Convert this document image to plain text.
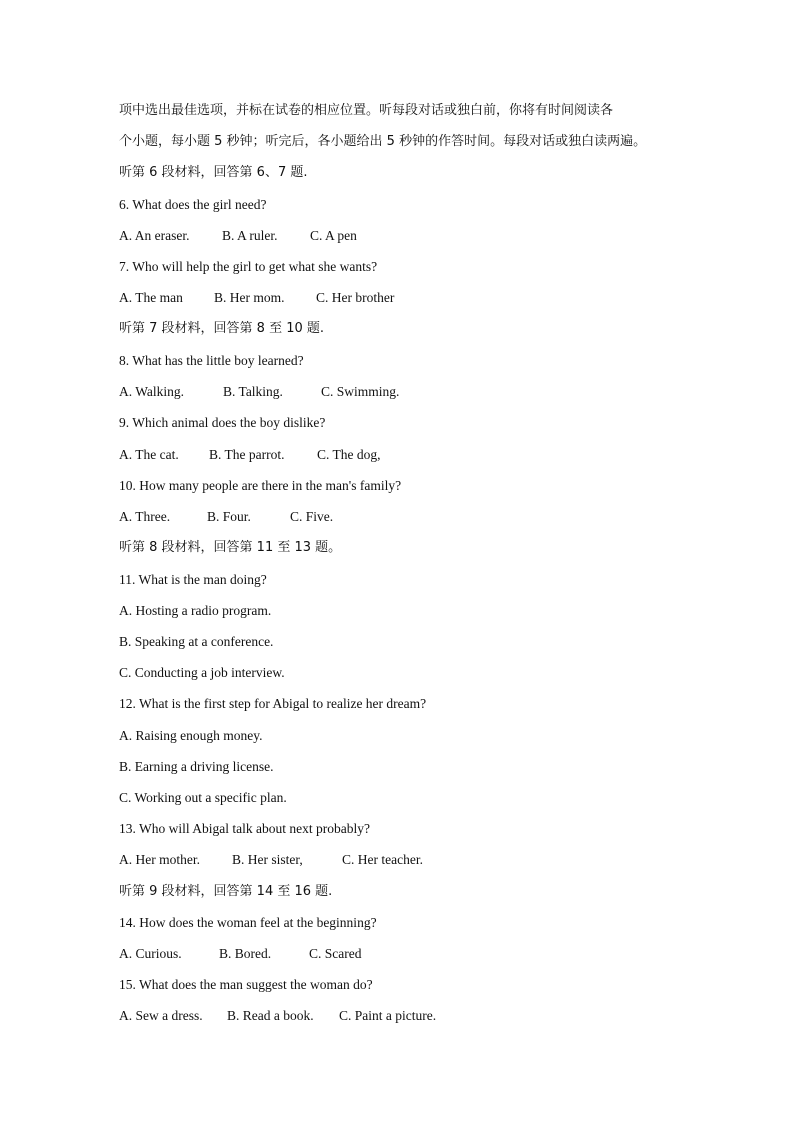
项中选出最佳选项，并标在试卷的相应位置。听每段对话或独白前，你将有时间阅读各
个小题，每小题 5 秒钟；听完后，各小题给出 5 秒钟的作答时间。每段对话或独白读两遍。
听第 6 段材料，回答第 6、7 题.
6. What does the girl need?
A. An eraser.	B. A ruler.	C. A pen
7. Who will help the girl to get what she wants?
A. The man	B. Her mom.	C. Her brother
听第 7 段材料，回答第 8 至 10 题.
8. What has the little boy learned?
A. Walking.	B. Talking.	C. Swimming.
9. Which animal does the boy dislike?
A. The cat.	B. The parrot.	C. The dog,
10. How many people are there in the man's family?
A. Three.	B. Four.	C. Five.
听第 8 段材料，回答第 11 至 13 题。
11. What is the man doing?
A. Hosting a radio program.
B. Speaking at a conference.
C. Conducting a job interview.
12. What is the first step for Abigal to realize her dream?
A. Raising enough money.
B. Earning a driving license.
C. Working out a specific plan.
13. Who will Abigal talk about next probably?
A. Her mother.	B. Her sister,	C. Her teacher.
听第 9 段材料，回答第 14 至 16 题.
14. How does the woman feel at the beginning?
A. Curious.	B. Bored.	C. Scared
15. What does the man suggest the woman do?
A. Sew a dress.	B. Read a book.	C. Paint a picture.
